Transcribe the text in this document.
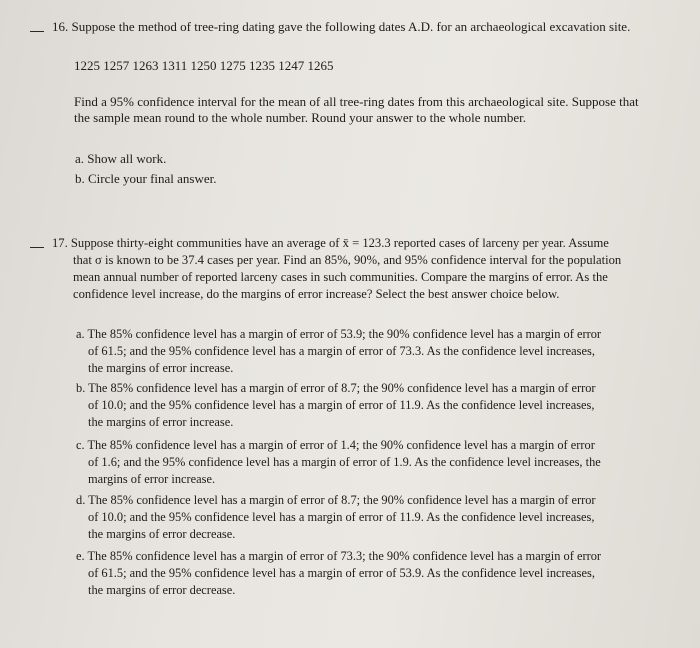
16. Suppose the method of tree-ring dating gave the following dates A.D. for an archaeological excavation site.
1225 1257 1263 1311 1250 1275 1235 1247 1265
Find a 95% confidence interval for the mean of all tree-ring dates from this archaeological site. Suppose that
the sample mean round to the whole number. Round your answer to the whole number.
a. Show all work.
b. Circle your final answer.
17. Suppose thirty-eight communities have an average of x̄ = 123.3 reported cases of larceny per year. Assume
that σ is known to be 37.4 cases per year. Find an 85%, 90%, and 95% confidence interval for the population
mean annual number of reported larceny cases in such communities. Compare the margins of error. As the
confidence level increase, do the margins of error increase? Select the best answer choice below.
a. The 85% confidence level has a margin of error of 53.9; the 90% confidence level has a margin of error
of 61.5; and the 95% confidence level has a margin of error of 73.3. As the confidence level increases,
the margins of error increase.
b. The 85% confidence level has a margin of error of 8.7; the 90% confidence level has a margin of error
of 10.0; and the 95% confidence level has a margin of error of 11.9. As the confidence level increases,
the margins of error increase.
c. The 85% confidence level has a margin of error of 1.4; the 90% confidence level has a margin of error
of 1.6; and the 95% confidence level has a margin of error of 1.9. As the confidence level increases, the
margins of error increase.
d. The 85% confidence level has a margin of error of 8.7; the 90% confidence level has a margin of error
of 10.0; and the 95% confidence level has a margin of error of 11.9. As the confidence level increases,
the margins of error decrease.
e. The 85% confidence level has a margin of error of 73.3; the 90% confidence level has a margin of error
of 61.5; and the 95% confidence level has a margin of error of 53.9. As the confidence level increases,
the margins of error decrease.
